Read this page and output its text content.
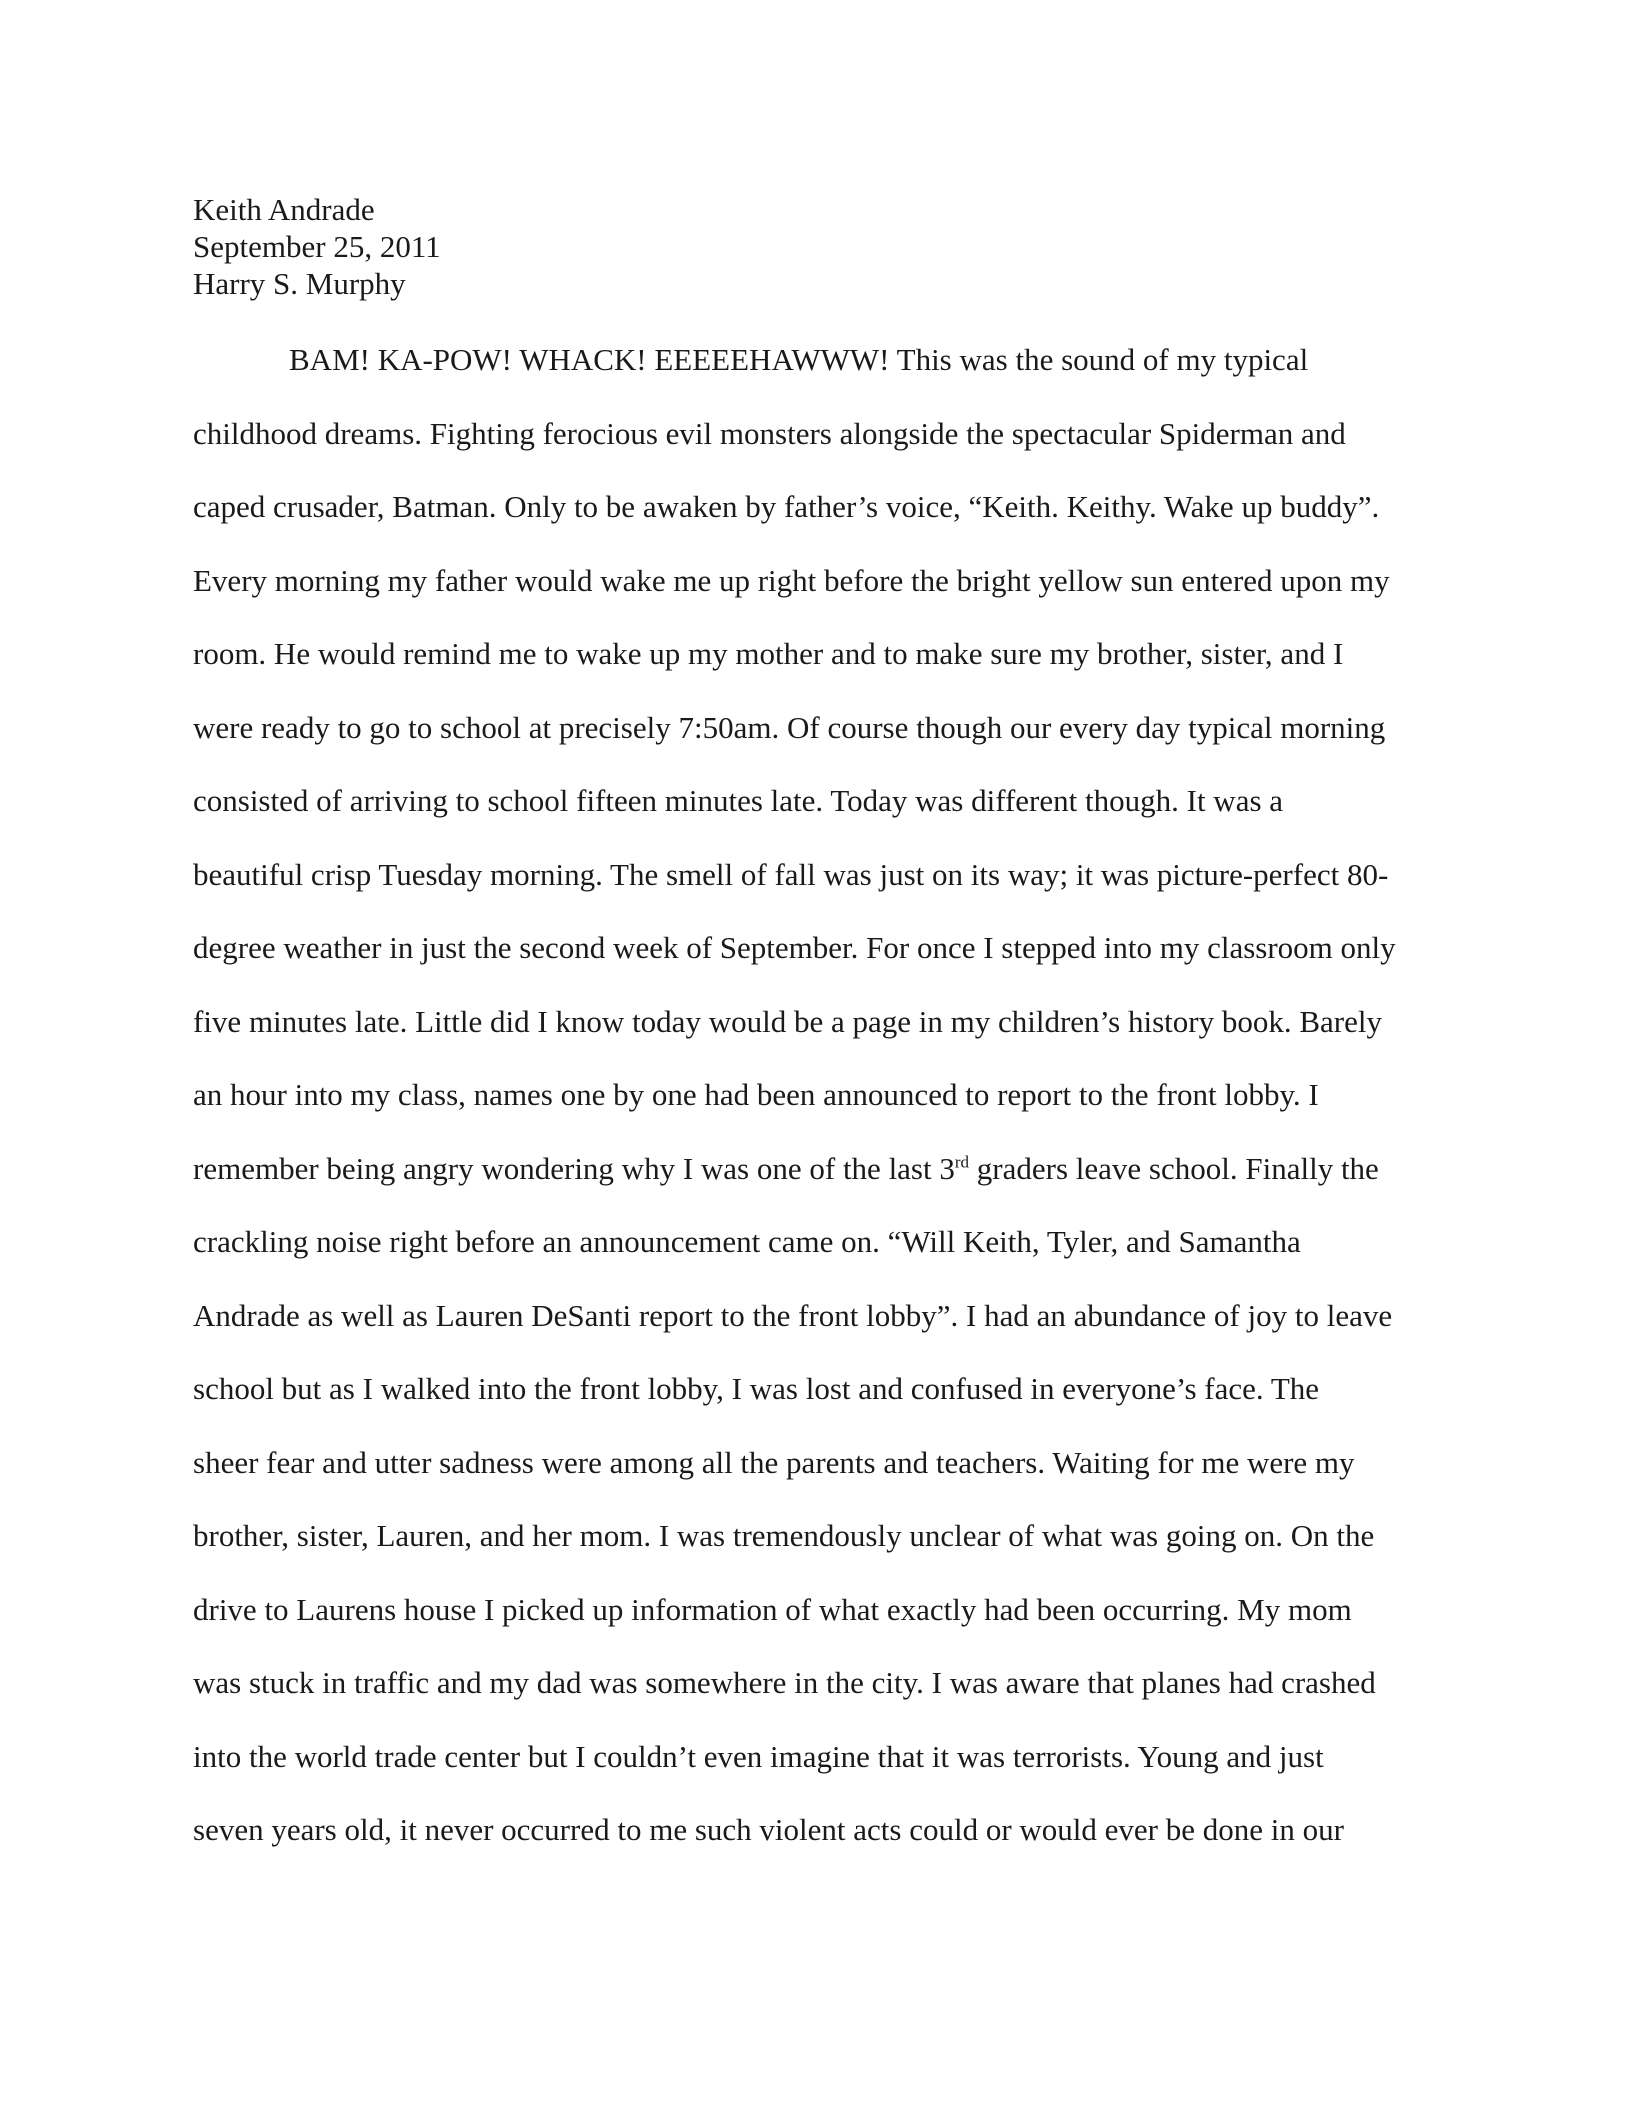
Keith Andrade
September 25, 2011
Harry S. Murphy
BAM! KA-POW! WHACK! EEEEEHAWWW! This was the sound of my typical
childhood dreams. Fighting ferocious evil monsters alongside the spectacular Spiderman and
caped crusader, Batman. Only to be awaken by father’s voice, “Keith. Keithy. Wake up buddy”.
Every morning my father would wake me up right before the bright yellow sun entered upon my
room. He would remind me to wake up my mother and to make sure my brother, sister, and I
were ready to go to school at precisely 7:50am. Of course though our every day typical morning
consisted of arriving to school fifteen minutes late. Today was different though. It was a
beautiful crisp Tuesday morning. The smell of fall was just on its way; it was picture-perfect 80-
degree weather in just the second week of September. For once I stepped into my classroom only
five minutes late. Little did I know today would be a page in my children’s history book. Barely
an hour into my class, names one by one had been announced to report to the front lobby. I
remember being angry wondering why I was one of the last 3rd graders leave school. Finally the
crackling noise right before an announcement came on. “Will Keith, Tyler, and Samantha
Andrade as well as Lauren DeSanti report to the front lobby”. I had an abundance of joy to leave
school but as I walked into the front lobby, I was lost and confused in everyone’s face. The
sheer fear and utter sadness were among all the parents and teachers. Waiting for me were my
brother, sister, Lauren, and her mom. I was tremendously unclear of what was going on. On the
drive to Laurens house I picked up information of what exactly had been occurring. My mom
was stuck in traffic and my dad was somewhere in the city. I was aware that planes had crashed
into the world trade center but I couldn’t even imagine that it was terrorists. Young and just
seven years old, it never occurred to me such violent acts could or would ever be done in our
